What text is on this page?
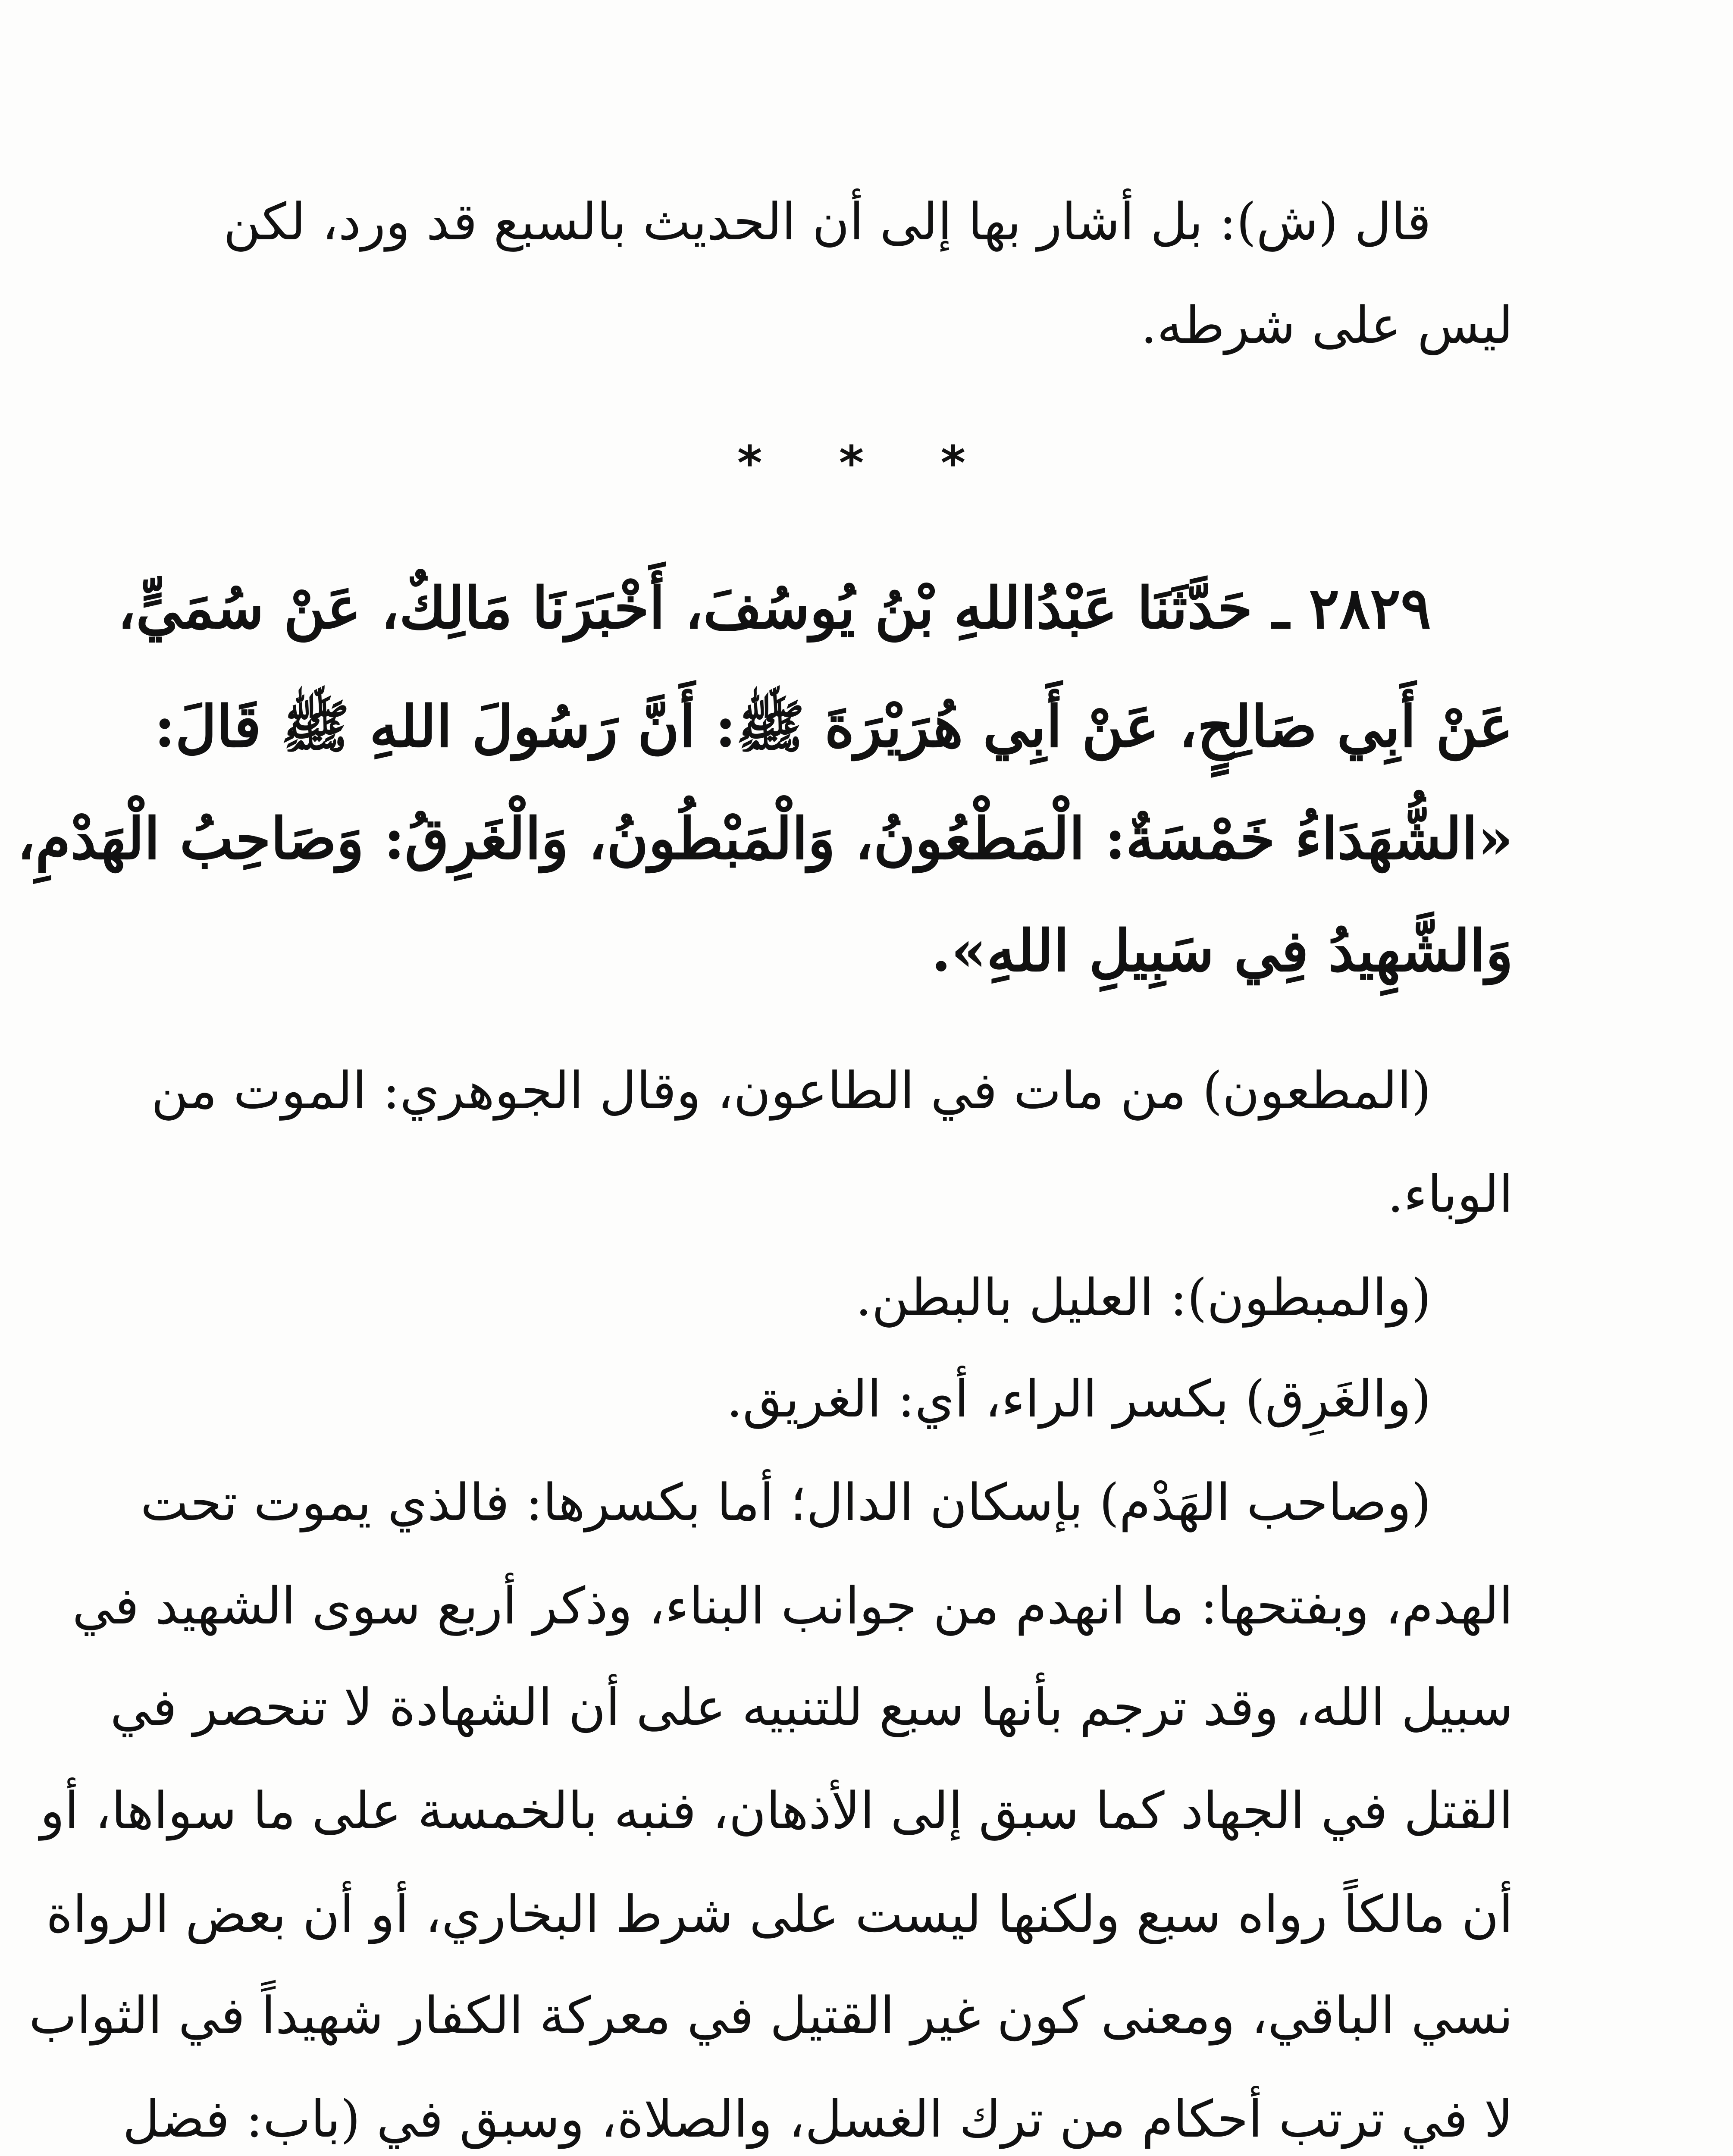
قال (ش): بل أشار بها إلى أن الحديث بالسبع قد ورد، لكن
ليس على شرطه.
* * *
٢٨٢٩ ـ حَدَّثَنَا عَبْدُاللهِ بْنُ يُوسُفَ، أَخْبَرَنَا مَالِكٌ، عَنْ سُمَيٍّ،
عَنْ أَبِي صَالِحٍ، عَنْ أَبِي هُرَيْرَةَ ﷺ: أَنَّ رَسُولَ اللهِ ﷺ قَالَ:
«الشُّهَدَاءُ خَمْسَةٌ: الْمَطْعُونُ، وَالْمَبْطُونُ، وَالْغَرِقُ: وَصَاحِبُ الْهَدْمِ،
وَالشَّهِيدُ فِي سَبِيلِ اللهِ».
(المطعون) من مات في الطاعون، وقال الجوهري: الموت من
الوباء.
(والمبطون): العليل بالبطن.
(والغَرِق) بكسر الراء، أي: الغريق.
(وصاحب الهَدْم) بإسكان الدال؛ أما بكسرها: فالذي يموت تحت
الهدم، وبفتحها: ما انهدم من جوانب البناء، وذكر أربع سوى الشهيد في
سبيل الله، وقد ترجم بأنها سبع للتنبيه على أن الشهادة لا تنحصر في
القتل في الجهاد كما سبق إلى الأذهان، فنبه بالخمسة على ما سواها، أو
أن مالكاً رواه سبع ولكنها ليست على شرط البخاري، أو أن بعض الرواة
نسي الباقي، ومعنى كون غير القتيل في معركة الكفار شهيداً في الثواب
لا في ترتب أحكام من ترك الغسل، والصلاة، وسبق في (باب: فضل
